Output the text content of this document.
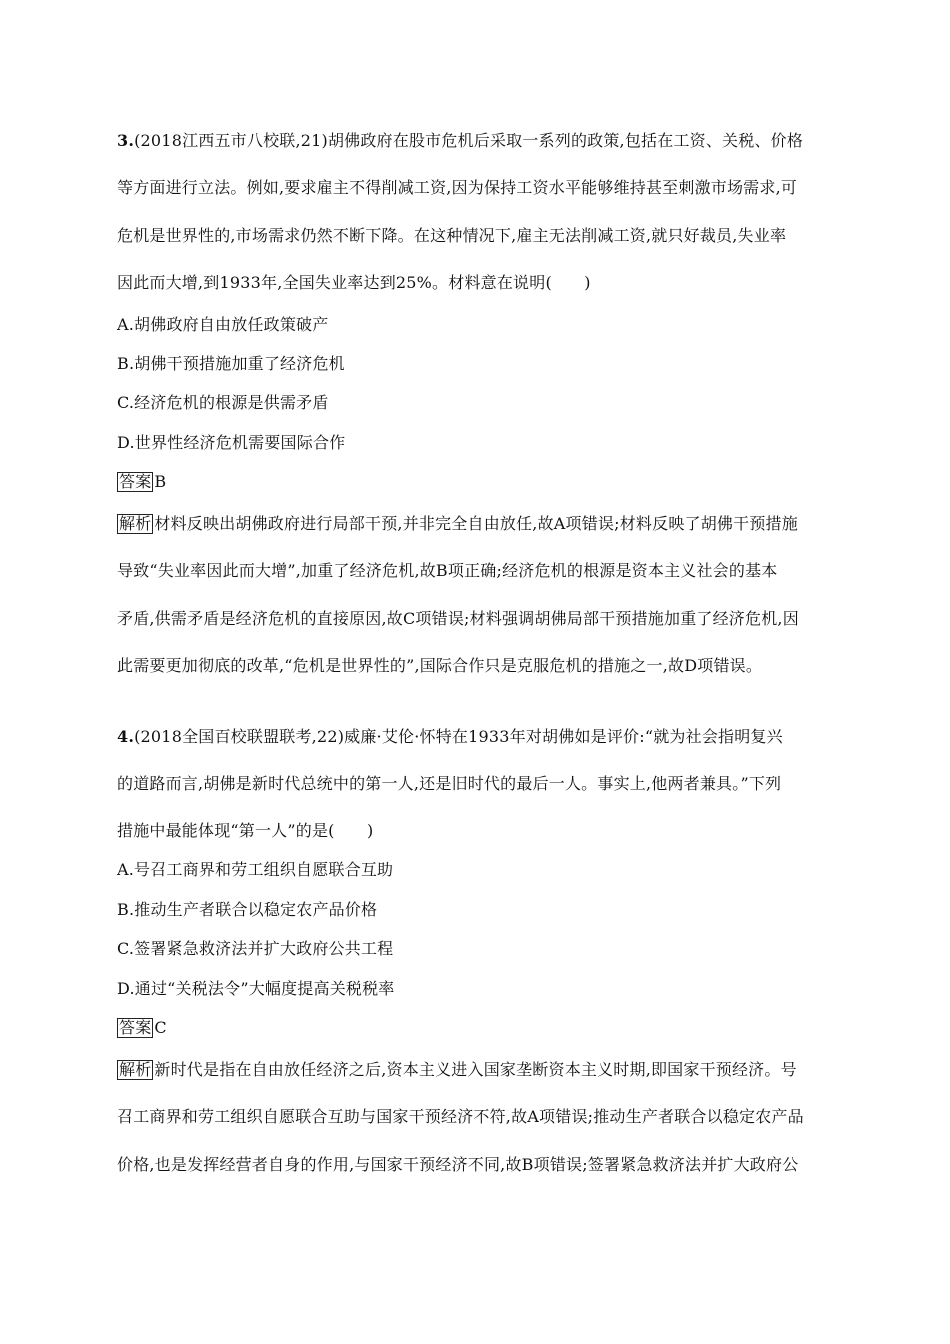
3.(2018江西五市八校联,21)胡佛政府在股市危机后采取一系列的政策,包括在工资、关税、价格
等方面进行立法。例如,要求雇主不得削减工资,因为保持工资水平能够维持甚至刺激市场需求,可
危机是世界性的,市场需求仍然不断下降。在这种情况下,雇主无法削减工资,就只好裁员,失业率
因此而大增,到1933年,全国失业率达到25%。材料意在说明(　　)
A.胡佛政府自由放任政策破产
B.胡佛干预措施加重了经济危机
C.经济危机的根源是供需矛盾
D.世界性经济危机需要国际合作
答案 B
解析 材料反映出胡佛政府进行局部干预,并非完全自由放任,故A项错误;材料反映了胡佛干预措施
导致“失业率因此而大增”,加重了经济危机,故B项正确;经济危机的根源是资本主义社会的基本
矛盾,供需矛盾是经济危机的直接原因,故C项错误;材料强调胡佛局部干预措施加重了经济危机,因
此需要更加彻底的改革,“危机是世界性的”,国际合作只是克服危机的措施之一,故D项错误。
4.(2018全国百校联盟联考,22)威廉·艾伦·怀特在1933年对胡佛如是评价:“就为社会指明复兴
的道路而言,胡佛是新时代总统中的第一人,还是旧时代的最后一人。事实上,他两者兼具。”下列
措施中最能体现“第一人”的是(　　)
A.号召工商界和劳工组织自愿联合互助
B.推动生产者联合以稳定农产品价格
C.签署紧急救济法并扩大政府公共工程
D.通过“关税法令”大幅度提高关税税率
答案 C
解析 新时代是指在自由放任经济之后,资本主义进入国家垄断资本主义时期,即国家干预经济。号
召工商界和劳工组织自愿联合互助与国家干预经济不符,故A项错误;推动生产者联合以稳定农产品
价格,也是发挥经营者自身的作用,与国家干预经济不同,故B项错误;签署紧急救济法并扩大政府公
